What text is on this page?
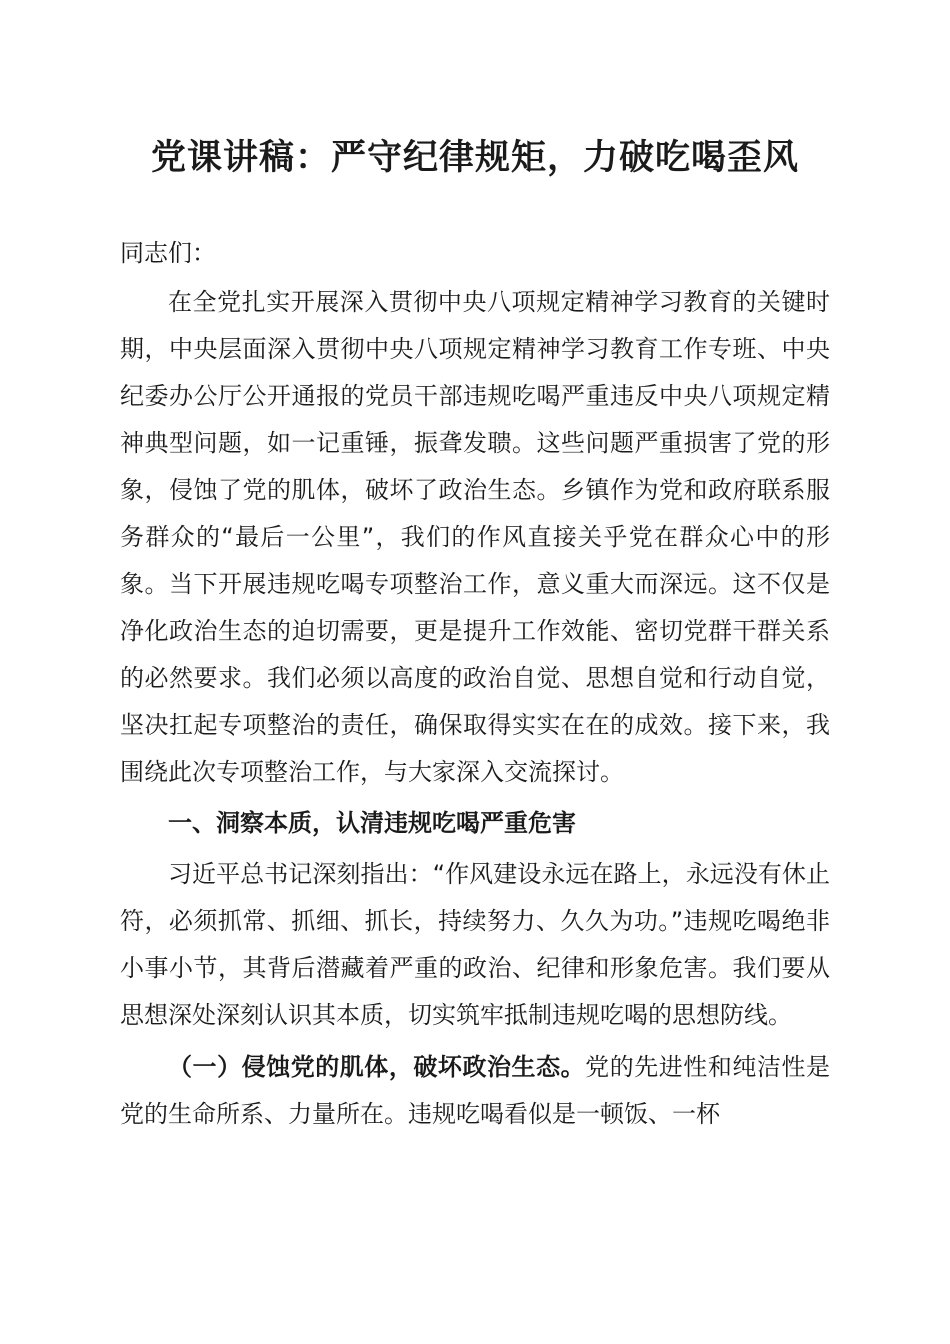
党课讲稿：严守纪律规矩，力破吃喝歪风

同志们：

在全党扎实开展深入贯彻中央八项规定精神学习教育的关键时期，中央层面深入贯彻中央八项规定精神学习教育工作专班、中央纪委办公厅公开通报的党员干部违规吃喝严重违反中央八项规定精神典型问题，如一记重锤，振聋发聩。这些问题严重损害了党的形象，侵蚀了党的肌体，破坏了政治生态。乡镇作为党和政府联系服务群众的“最后一公里”，我们的作风直接关乎党在群众心中的形象。当下开展违规吃喝专项整治工作，意义重大而深远。这不仅是净化政治生态的迫切需要，更是提升工作效能、密切党群干群关系的必然要求。我们必须以高度的政治自觉、思想自觉和行动自觉，坚决扛起专项整治的责任，确保取得实实在在的成效。接下来，我围绕此次专项整治工作，与大家深入交流探讨。

一、洞察本质，认清违规吃喝严重危害

习近平总书记深刻指出：“作风建设永远在路上，永远没有休止符，必须抓常、抓细、抓长，持续努力、久久为功。”违规吃喝绝非小事小节，其背后潜藏着严重的政治、纪律和形象危害。我们要从思想深处深刻认识其本质，切实筑牢抵制违规吃喝的思想防线。

（一）侵蚀党的肌体，破坏政治生态。党的先进性和纯洁性是党的生命所系、力量所在。违规吃喝看似是一顿饭、一杯
